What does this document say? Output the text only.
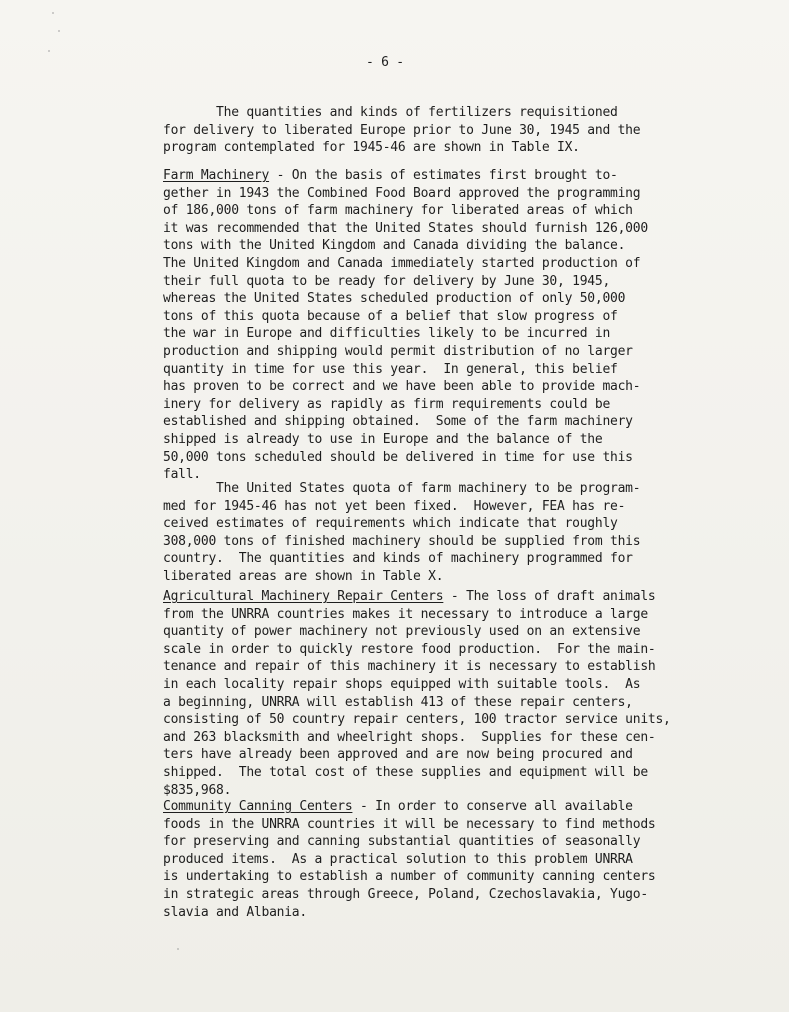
- 6 -
The quantities and kinds of fertilizers requisitioned
for delivery to liberated Europe prior to June 30, 1945 and the
program contemplated for 1945-46 are shown in Table IX.
Farm Machinery - On the basis of estimates first brought to-
gether in 1943 the Combined Food Board approved the programming
of 186,000 tons of farm machinery for liberated areas of which
it was recommended that the United States should furnish 126,000
tons with the United Kingdom and Canada dividing the balance.
The United Kingdom and Canada immediately started production of
their full quota to be ready for delivery by June 30, 1945,
whereas the United States scheduled production of only 50,000
tons of this quota because of a belief that slow progress of
the war in Europe and difficulties likely to be incurred in
production and shipping would permit distribution of no larger
quantity in time for use this year.  In general, this belief
has proven to be correct and we have been able to provide mach-
inery for delivery as rapidly as firm requirements could be
established and shipping obtained.  Some of the farm machinery
shipped is already to use in Europe and the balance of the
50,000 tons scheduled should be delivered in time for use this
fall.
The United States quota of farm machinery to be program-
med for 1945-46 has not yet been fixed.  However, FEA has re-
ceived estimates of requirements which indicate that roughly
308,000 tons of finished machinery should be supplied from this
country.  The quantities and kinds of machinery programmed for
liberated areas are shown in Table X.
Agricultural Machinery Repair Centers - The loss of draft animals
from the UNRRA countries makes it necessary to introduce a large
quantity of power machinery not previously used on an extensive
scale in order to quickly restore food production.  For the main-
tenance and repair of this machinery it is necessary to establish
in each locality repair shops equipped with suitable tools.  As
a beginning, UNRRA will establish 413 of these repair centers,
consisting of 50 country repair centers, 100 tractor service units,
and 263 blacksmith and wheelright shops.  Supplies for these cen-
ters have already been approved and are now being procured and
shipped.  The total cost of these supplies and equipment will be
$835,968.
Community Canning Centers - In order to conserve all available
foods in the UNRRA countries it will be necessary to find methods
for preserving and canning substantial quantities of seasonally
produced items.  As a practical solution to this problem UNRRA
is undertaking to establish a number of community canning centers
in strategic areas through Greece, Poland, Czechoslavakia, Yugo-
slavia and Albania.
